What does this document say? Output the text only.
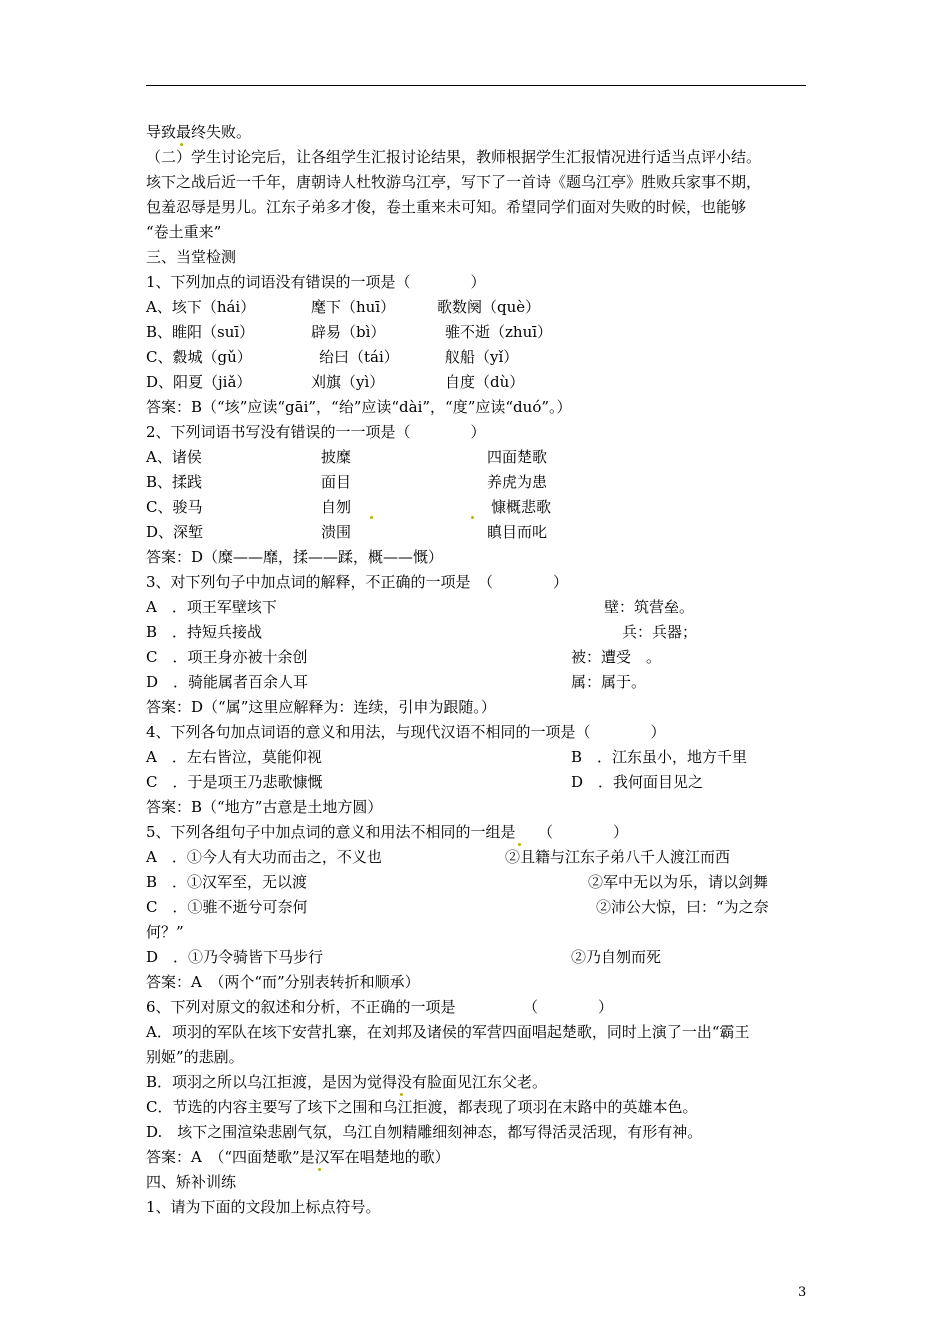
导致最终失败。
（二）学生讨论完后，让各组学生汇报讨论结果，教师根据学生汇报情况进行适当点评小结。
垓下之战后近一千年，唐朝诗人杜牧游乌江亭，写下了一首诗《题乌江亭》胜败兵家事不期，
包羞忍辱是男儿。江东子弟多才俊，卷土重来未可知。希望同学们面对失败的时候，也能够
“卷土重来”
三、当堂检测
1、下列加点的词语没有错误的一项是（　　　　）
A、垓下（hái）	麾下（huī）	歌数阕（què）
B、睢阳（suī）	辟易（bì）	骓不逝（zhuī）
C、縠城（gǔ）	绐曰（tái）	舣船（yǐ）
D、阳夏（jiǎ）	刈旗（yì）	自度（dù）
答案：B（“垓”应读“gāi”，“绐”应读“dài”，“度”应读“duó”。）
2、下列词语书写没有错误的一一项是（　　　　）
A、诸侯	披糜	四面楚歌
B、揉践	面目	养虎为患
C、骏马	自刎	慷概悲歌
D、深堑	溃围	瞋目而叱
答案：D（糜——靡，揉——蹂，概——慨）
3、对下列句子中加点词的解释，不正确的一项是　（　　　　）
A　．项王军壁垓下	壁：筑营垒。
B　．持短兵接战	兵：兵器；
C　．项王身亦被十余创	被：遭受　。
D　．骑能属者百余人耳	属：属于。
答案：D（“属”这里应解释为：连续，引申为跟随。）
4、下列各句加点词语的意义和用法，与现代汉语不相同的一项是（　　　　）
A　．左右皆泣，莫能仰视	B　．江东虽小，地方千里
C　．于是项王乃悲歌慷慨	D　．我何面目见之
答案：B（“地方”古意是土地方圆）
5、下列各组句子中加点词的意义和用法不相同的一组是　　（　　　　）
A　．①今人有大功而击之，不义也	②且籍与江东子弟八千人渡江而西
B　．①汉军至，无以渡	②军中无以为乐，请以剑舞
C　．①骓不逝兮可奈何	②沛公大惊，曰：“为之奈
何？”
D　．①乃令骑皆下马步行	②乃自刎而死
答案：A　（两个“而”分别表转折和顺承）
6、下列对原文的叙述和分析，不正确的一项是　　　　　（　　　　）
A．项羽的军队在垓下安营扎寨，在刘邦及诸侯的军营四面唱起楚歌，同时上演了一出“霸王
别姬”的悲剧。
B．项羽之所以乌江拒渡，是因为觉得没有脸面见江东父老。
C．节选的内容主要写了垓下之围和乌江拒渡，都表现了项羽在末路中的英雄本色。
D.　垓下之围渲染悲剧气氛，乌江自刎精雕细刻神态，都写得活灵活现，有形有神。
答案：A　（“四面楚歌”是汉军在唱楚地的歌）
四、矫补训练
1、请为下面的文段加上标点符号。
3
